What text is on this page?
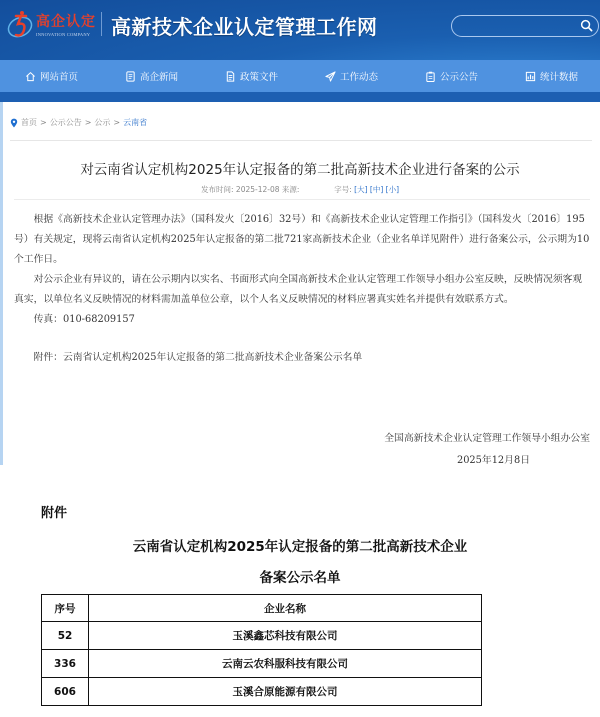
高企认定
INNOVATION COMPANY 高新技术企业认定管理工作网
网站首页	高企新闻	政策文件	工作动态	公示公告	统计数据
首页 > 公示公告 > 公示 > 云南省
对云南省认定机构2025年认定报备的第二批高新技术企业进行备案的公示
发布时间: 2025-12-08 来源:	字号: [大] [中] [小]

根据《高新技术企业认定管理办法》（国科发火〔2016〕32号）和《高新技术企业认定管理工作指引》（国科发火〔2016〕195号）有关规定，现将云南省认定机构2025年认定报备的第二批721家高新技术企业（企业名单详见附件）进行备案公示，公示期为10个工作日。

对公示企业有异议的，请在公示期内以实名、书面形式向全国高新技术企业认定管理工作领导小组办公室反映，反映情况须客观真实，以单位名义反映情况的材料需加盖单位公章，以个人名义反映情况的材料应署真实姓名并提供有效联系方式。

传真：010-68209157

附件：云南省认定机构2025年认定报备的第二批高新技术企业备案公示名单

全国高新技术企业认定管理工作领导小组办公室
2025年12月8日
附件
云南省认定机构2025年认定报备的第二批高新技术企业
备案公示名单
序号	企业名称
52	玉溪鑫芯科技有限公司
336	云南云农科服科技有限公司
606	玉溪合原能源有限公司
